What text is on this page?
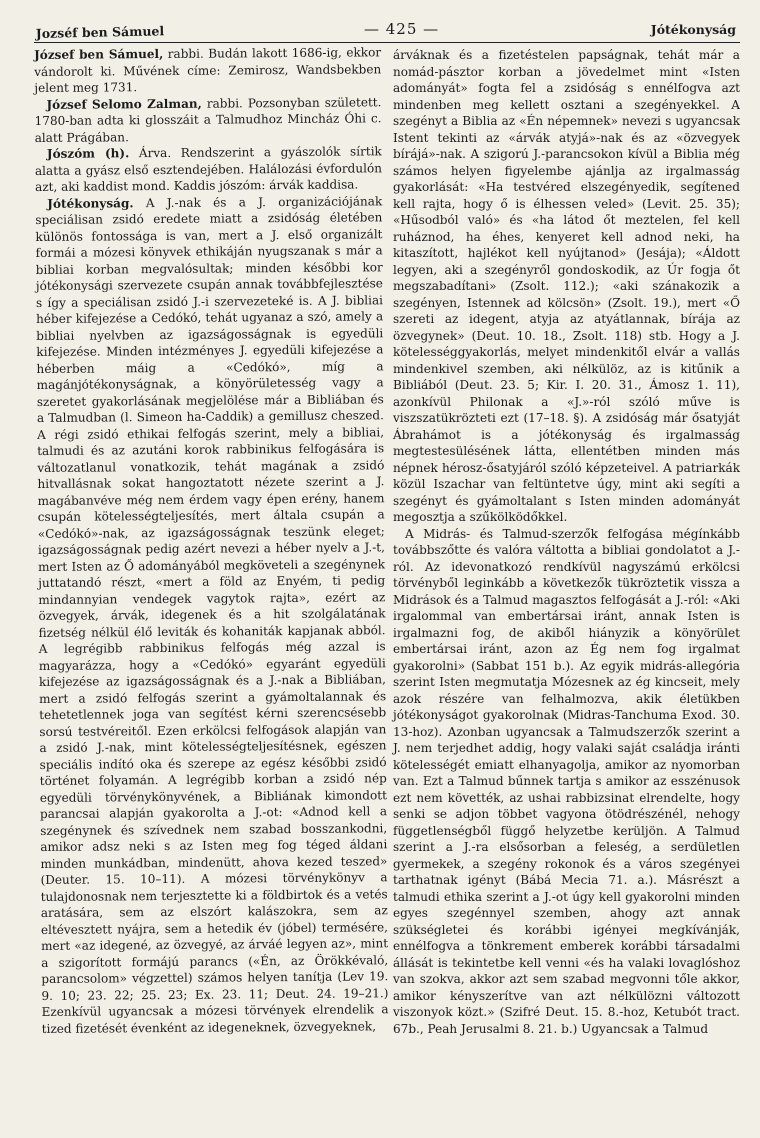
Jozséf ben Sámuel	— 425 —	Jótékonyság

József ben Sámuel, rabbi. Budán lakott 1686-ig, ekkor vándorolt ki. Művének címe: Zemirosz, Wandsbekben jelent meg 1731.

József Selomo Zalman, rabbi. Pozsonyban született. 1780-ban adta ki glosszáit a Talmudhoz Mincház Óhi c. alatt Prágában.

Jószóm (h). Árva. Rendszerint a gyászolók sírtik alatta a gyász első esztendejében. Halálozási évfordulón azt, aki kaddist mond. Kaddis jószóm: árvák kaddisa.

Jótékonyság. A J.-nak és a J. organizációjának speciálisan zsidó eredete miatt a zsidóság életében különös fontossága is van, mert a J. első organizált formái a mózesi könyvek ethikáján nyugszanak s már a bibliai korban megvalósultak; minden későbbi kor jótékonysági szervezete csupán annak továbbfejlesztése s így a speciálisan zsidó J.-i szervezeteké is. A J. bibliai héber kifejezése a Cedókó, tehát ugyanaz a szó, amely a bibliai nyelvben az igazságosságnak is egyedüli kifejezése. Minden intézményes J. egyedüli kifejezése a héberben máig a «Cedókó», míg a magánjótékonyságnak, a könyörületesség vagy a szeretet gyakorlásának megjelölése már a Bibliában és a Talmudban (l. Simeon ha-Caddik) a gemillusz cheszed. A régi zsidó ethikai felfogás szerint, mely a bibliai, talmudi és az azutáni korok rabbinikus felfogására is változatlanul vonatkozik, tehát magának a zsidó hitvallásnak sokat hangoztatott nézete szerint a J. magábanvéve még nem érdem vagy épen erény, hanem csupán kötelességteljesítés, mert általa csupán a «Cedókó»-nak, az igazságosságnak teszünk eleget; igazságosságnak pedig azért nevezi a héber nyelv a J.-t, mert Isten az Ő adományából megköveteli a szegénynek juttatandó részt, «mert a föld az Enyém, ti pedig mindannyian vendegek vagytok rajta», ezért az özvegyek, árvák, idegenek és a hit szolgálatának fizetség nélkül élő leviták és kohaniták kapjanak abból. A legrégibb rabbinikus felfogás még azzal is magyarázza, hogy a «Cedókó» egyaránt egyedüli kifejezése az igazságosságnak és a J.-nak a Bibliában, mert a zsidó felfogás szerint a gyámoltalannak és tehetetlennek joga van segítést kérni szerencsésebb sorsú testvéreitől. Ezen erkölcsi felfogások alapján van a zsidó J.-nak, mint kötelességteljesítésnek, egészen speciális indító oka és szerepe az egész későbbi zsidó történet folyamán. A legrégibb korban a zsidó nép egyedüli törvénykönyvének, a Bibliának kimondott parancsai alapján gyakorolta a J.-ot: «Adnod kell a szegénynek és szívednek nem szabad bosszankodni, amikor adsz neki s az Isten meg fog téged áldani minden munkádban, mindenütt, ahova kezed teszed» (Deuter. 15. 10–11). A mózesi törvénykönyv a tulajdonosnak nem terjesztette ki a földbirtok és a vetés aratására, sem az elszórt kalászokra, sem az eltévesztett nyájra, sem a hetedik év (jóbel) termésére, mert «az idegené, az özvegyé, az árváé legyen az», mint a szigorított formájú parancs («Én, az Örökkévaló, parancsolom» végzettel) számos helyen tanítja (Lev 19. 9. 10; 23. 22; 25. 23; Ex. 23. 11; Deut. 24. 19–21.) Ezenkívül ugyancsak a mózesi törvények elrendelik a tized fizetését évenként az idegeneknek, özvegyeknek,

árváknak és a fizetéstelen papságnak, tehát már a nomád-pásztor korban a jövedelmet mint «Isten adományát» fogta fel a zsidóság s ennélfogva azt mindenben meg kellett osztani a szegényekkel. A szegényt a Biblia az «Én népemnek» nevezi s ugyancsak Istent tekinti az «árvák atyjá»-nak és az «özvegyek bírájá»-nak. A szigorú J.-parancsokon kívül a Biblia még számos helyen figyelembe ajánlja az irgalmasság gyakorlását: «Ha testvéred elszegényedik, segítened kell rajta, hogy ő is élhessen veled» (Levit. 25. 35); «Hűsodból való» és «ha látod őt meztelen, fel kell ruháznod, ha éhes, kenyeret kell adnod neki, ha kitaszított, hajlékot kell nyújtanod» (Jesája); «Áldott legyen, aki a szegényről gondoskodik, az Úr fogja őt megszabadítani» (Zsolt. 112.); «aki szánakozik a szegényen, Istennek ad kölcsön» (Zsolt. 19.), mert «Ő szereti az idegent, atyja az atyátlannak, bírája az özvegynek» (Deut. 10. 18., Zsolt. 118) stb. Hogy a J. kötelességgyakorlás, melyet mindenkitől elvár a vallás mindenkivel szemben, aki nélkülöz, az is kitűnik a Bibliából (Deut. 23. 5; Kir. I. 20. 31., Ámosz 1. 11), azonkívül Philonak a «J.»-ról szóló műve is viszszatükrözteti ezt (17–18. §). A zsidóság már ősatyját Ábrahámot is a jótékonyság és irgalmasság megtestesülésének látta, ellentétben minden más népnek hérosz-ősatyjáról szóló képzeteivel. A patriarkák közül Iszachar van feltüntetve úgy, mint aki segíti a szegényt és gyámoltalant s Isten minden adományát megosztja a szűkölködőkkel.

A Midrás- és Talmud-szerzők felfogása mégínkább továbbszőtte és valóra váltotta a bibliai gondolatot a J.-ról. Az idevonatkozó rendkívül nagyszámú erkölcsi törvényből leginkább a következők tükröztetik vissza a Midrások és a Talmud magasztos felfogását a J.-ról: «Aki irgalommal van embertársai iránt, annak Isten is irgalmazni fog, de akiből hiányzik a könyörület embertársai iránt, azon az Ég nem fog irgalmat gyakorolni» (Sabbat 151 b.). Az egyik midrás-allegória szerint Isten megmutatja Mózesnek az ég kincseit, mely azok részére van felhalmozva, akik életükben jótékonyságot gyakorolnak (Midras-Tanchuma Exod. 30. 13-hoz). Azonban ugyancsak a Talmudszerzők szerint a J. nem terjedhet addig, hogy valaki saját családja iránti kötelességét emiatt elhanyagolja, amikor az nyomorban van. Ezt a Talmud bűnnek tartja s amikor az esszénusok ezt nem követték, az ushai rabbizsinat elrendelte, hogy senki se adjon többet vagyona ötödrészénél, nehogy függetlenségből függő helyzetbe kerüljön. A Talmud szerint a J.-ra elsősorban a feleség, a serdületlen gyermekek, a szegény rokonok és a város szegényei tarthatnak igényt (Bábá Mecia 71. a.). Másrészt a talmudi ethika szerint a J.-ot úgy kell gyakorolni minden egyes szegénnyel szemben, ahogy azt annak szükségletei és korábbi igényei megkívánják, ennélfogva a tönkrement emberek korábbi társadalmi állását is tekintetbe kell venni «és ha valaki lovaglóshoz van szokva, akkor azt sem szabad megvonni tőle akkor, amikor kényszerítve van azt nélkülözni változott viszonyok közt.» (Szifré Deut. 15. 8.-hoz, Ketubót tract. 67b., Peah Jerusalmi 8. 21. b.) Ugyancsak a Talmud
